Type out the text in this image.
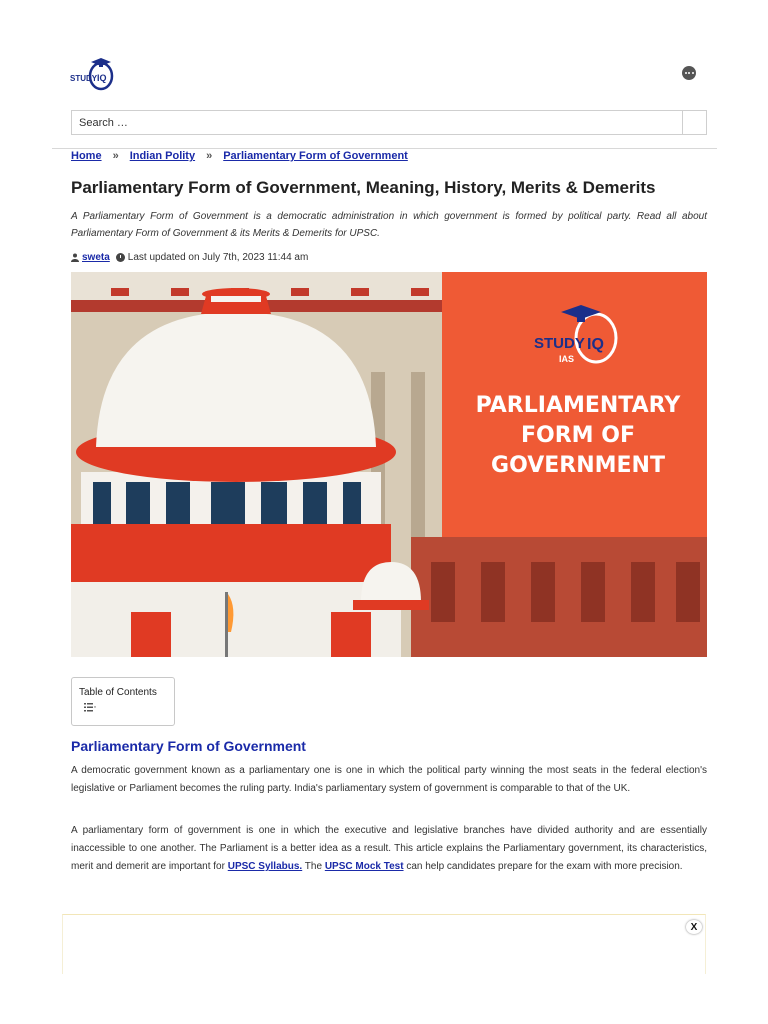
STUDY IQ
Search …
Home » Indian Polity » Parliamentary Form of Government
Parliamentary Form of Government, Meaning, History, Merits & Demerits

A Parliamentary Form of Government is a democratic administration in which government is formed by political party. Read all about Parliamentary Form of Government & its Merits & Demerits for UPSC.

sweta Last updated on July 7th, 2023 11:44 am
STUDY IQ
IAS
PARLIAMENTARY
FORM OF
GOVERNMENT
Table of Contents
Parliamentary Form of Government

A democratic government known as a parliamentary one is one in which the political party winning the most seats in the federal election's legislative or Parliament becomes the ruling party. India's parliamentary system of government is comparable to that of the UK.

A parliamentary form of government is one in which the executive and legislative branches have divided authority and are essentially inaccessible to one another. The Parliament is a better idea as a result. This article explains the Parliamentary government, its characteristics, merit and demerit are important for UPSC Syllabus. The UPSC Mock Test can help candidates prepare for the exam with more precision.

X
